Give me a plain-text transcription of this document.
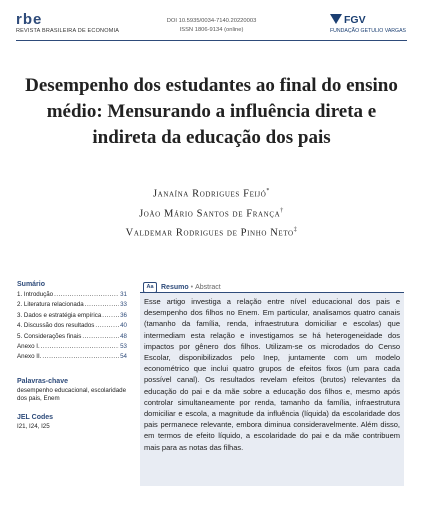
rbe
REVISTA BRASILEIRA DE ECONOMIA
DOI 10.5935/0034-7140.20220003
ISSN 1806-9134 (online)
FGV
FUNDAÇÃO GETULIO VARGAS
Desempenho dos estudantes ao final do ensino médio: Mensurando a influência direta e indireta da educação dos pais
Janaína Rodrigues Feijó*
João Mário Santos de França†
Valdemar Rodrigues de Pinho Neto‡
Sumário
1. Introdução .....	31
2. Literatura relacionada .....	33
3. Dados e estratégia empírica .....	36
4. Discussão dos resultados .....	40
5. Considerações finais .....	48
Anexo I. .....	53
Anexo II. .....	54
Palavras-chave
desempenho educacional, escolaridade dos pais, Enem
JEL Codes
I21, I24, I25
Aa	Resumo • Abstract
Esse artigo investiga a relação entre nível educacional dos pais e desempenho dos filhos no Enem. Em particular, analisamos quatro canais (tamanho da família, renda, infraestrutura domiciliar e escolas) que intermediam esta relação e investigamos se há heterogeneidade dos impactos por gênero dos filhos. Utilizam-se os microdados do Censo Escolar, disponibilizados pelo Inep, juntamente com um modelo econométrico que inclui quatro grupos de efeitos fixos (um para cada possível canal). Os resultados revelam efeitos (brutos) relevantes da educação do pai e da mãe sobre a educação dos filhos e, mesmo após controlar simultaneamente por renda, tamanho da família, infraestrutura domiciliar e escola, a magnitude da influência (líquida) da escolaridade dos pais permanece relevante, embora diminua consideravelmente. Além disso, em termos de efeito líquido, a escolaridade do pai e da mãe contribuem mais para as notas das filhas.
